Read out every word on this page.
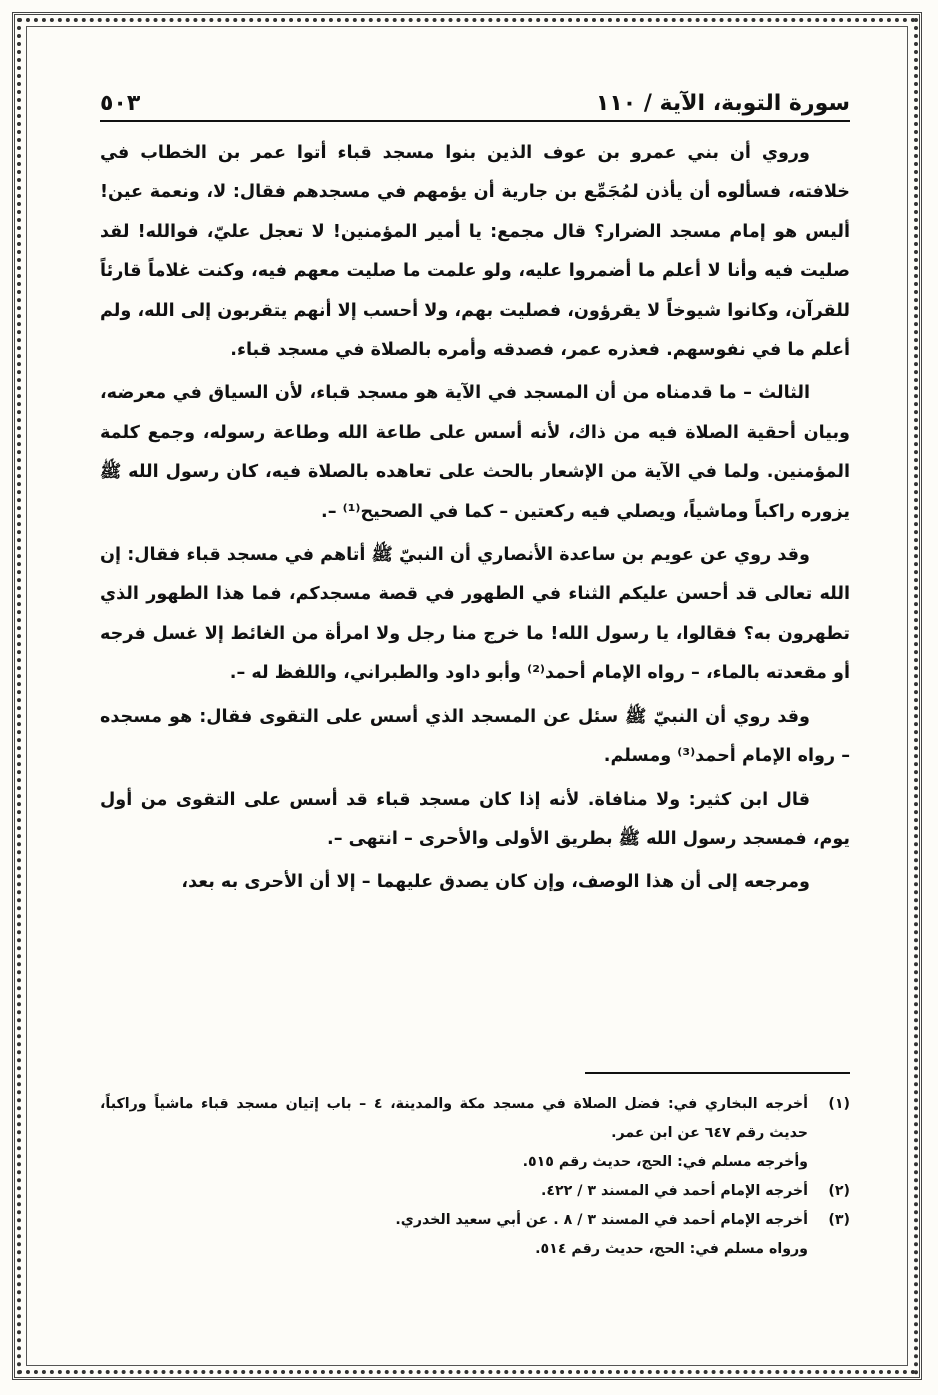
سورة التوبة، الآية / ١١٠
٥٠٣

وروي أن بني عمرو بن عوف الذين بنوا مسجد قباء أتوا عمر بن الخطاب في خلافته، فسألوه أن يأذن لمُجَمِّع بن جارية أن يؤمهم في مسجدهم فقال: لا، ونعمة عين! أليس هو إمام مسجد الضرار؟ قال مجمع: يا أمير المؤمنين! لا تعجل عليّ، فوالله! لقد صليت فيه وأنا لا أعلم ما أضمروا عليه، ولو علمت ما صليت معهم فيه، وكنت غلاماً قارئاً للقرآن، وكانوا شيوخاً لا يقرؤون، فصليت بهم، ولا أحسب إلا أنهم يتقربون إلى الله، ولم أعلم ما في نفوسهم. فعذره عمر، فصدقه وأمره بالصلاة في مسجد قباء.

الثالث – ما قدمناه من أن المسجد في الآية هو مسجد قباء، لأن السياق في معرضه، وبيان أحقية الصلاة فيه من ذاك، لأنه أسس على طاعة الله وطاعة رسوله، وجمع كلمة المؤمنين. ولما في الآية من الإشعار بالحث على تعاهده بالصلاة فيه، كان رسول الله ﷺ يزوره راكباً وماشياً، ويصلي فيه ركعتين – كما في الصحيح⁽¹⁾ –.

وقد روي عن عويم بن ساعدة الأنصاري أن النبيّ ﷺ أتاهم في مسجد قباء فقال: إن الله تعالى قد أحسن عليكم الثناء في الطهور في قصة مسجدكم، فما هذا الطهور الذي تطهرون به؟ فقالوا، يا رسول الله! ما خرج منا رجل ولا امرأة من الغائط إلا غسل فرجه أو مقعدته بالماء، – رواه الإمام أحمد⁽²⁾ وأبو داود والطبراني، واللفظ له –.

وقد روي أن النبيّ ﷺ سئل عن المسجد الذي أسس على التقوى فقال: هو مسجده – رواه الإمام أحمد⁽³⁾ ومسلم.

قال ابن كثير: ولا منافاة. لأنه إذا كان مسجد قباء قد أسس على التقوى من أول يوم، فمسجد رسول الله ﷺ بطريق الأولى والأحرى – انتهى –.

ومرجعه إلى أن هذا الوصف، وإن كان يصدق عليهما – إلا أن الأحرى به بعد،

(١)
أخرجه البخاري في: فضل الصلاة في مسجد مكة والمدينة، ٤ – باب إتيان مسجد قباء ماشياً وراكباً، حديث رقم ٦٤٧ عن ابن عمر.

وأخرجه مسلم في: الحج، حديث رقم ٥١٥.

(٢)
أخرجه الإمام أحمد في المسند ٣ / ٤٢٢.
(٣)
أخرجه الإمام أحمد في المسند ٣ / ٨ . عن أبي سعيد الخدري.

ورواه مسلم في: الحج، حديث رقم ٥١٤.
